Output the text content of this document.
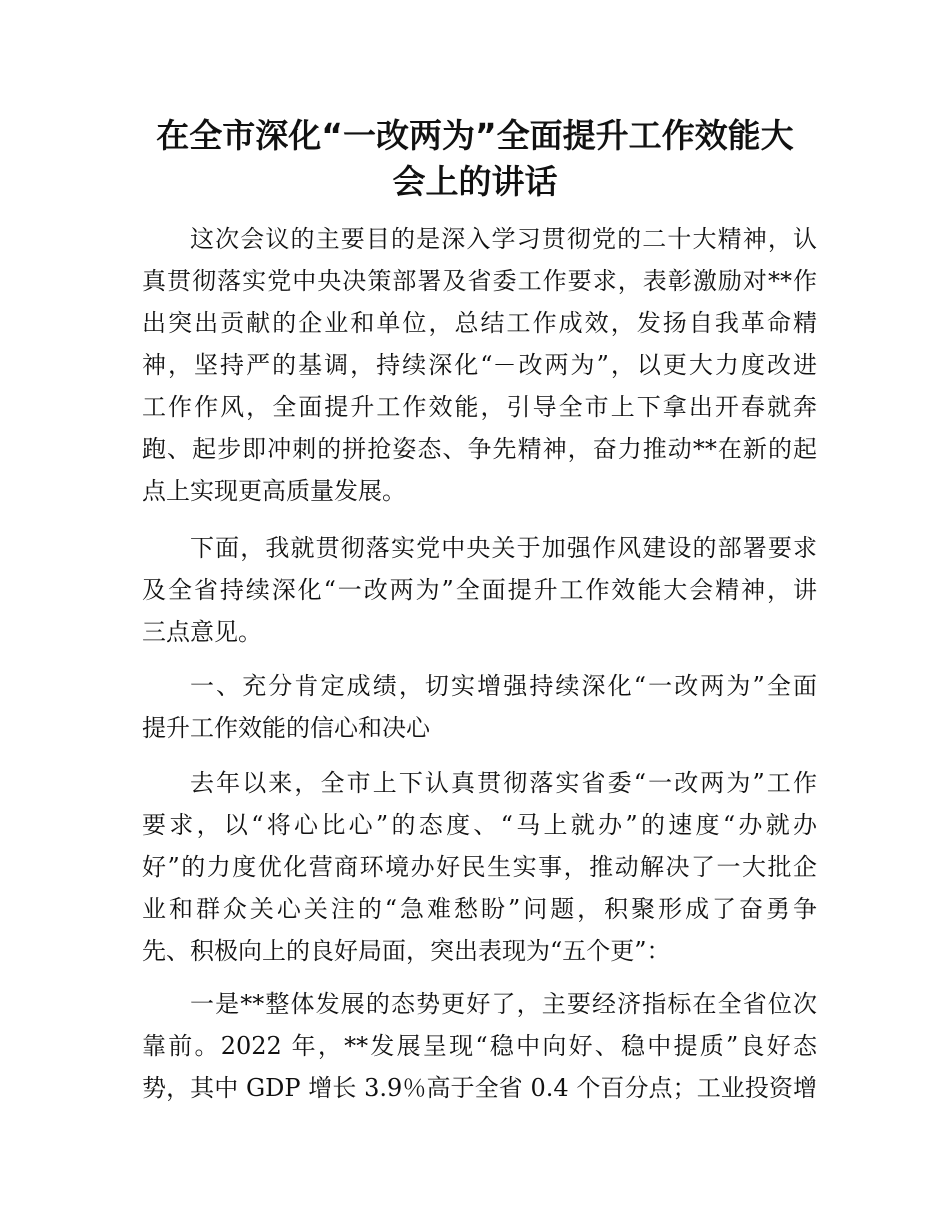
在全市深化“一改两为”全面提升工作效能大
会上的讲话
这次会议的主要目的是深入学习贯彻党的二十大精神，认
真贯彻落实党中央决策部署及省委工作要求，表彰激励对**作
出突出贡献的企业和单位，总结工作成效，发扬自我革命精
神，坚持严的基调，持续深化“－改两为”，以更大力度改进
工作作风，全面提升工作效能，引导全市上下拿出开春就奔
跑、起步即冲刺的拼抢姿态、争先精神，奋力推动**在新的起
点上实现更高质量发展。
下面，我就贯彻落实党中央关于加强作风建设的部署要求
及全省持续深化“一改两为”全面提升工作效能大会精神，讲
三点意见。
一、充分肯定成绩，切实增强持续深化“一改两为”全面
提升工作效能的信心和决心
去年以来，全市上下认真贯彻落实省委“一改两为”工作
要求，以“将心比心”的态度、“马上就办”的速度“办就办
好”的力度优化营商环境办好民生实事，推动解决了一大批企
业和群众关心关注的“急难愁盼”问题，积聚形成了奋勇争
先、积极向上的良好局面，突出表现为“五个更”：
一是**整体发展的态势更好了，主要经济指标在全省位次
靠前。2022 年，**发展呈现“稳中向好、稳中提质”良好态
势，其中 GDP 增长 3.9％高于全省 0.4 个百分点；工业投资增
